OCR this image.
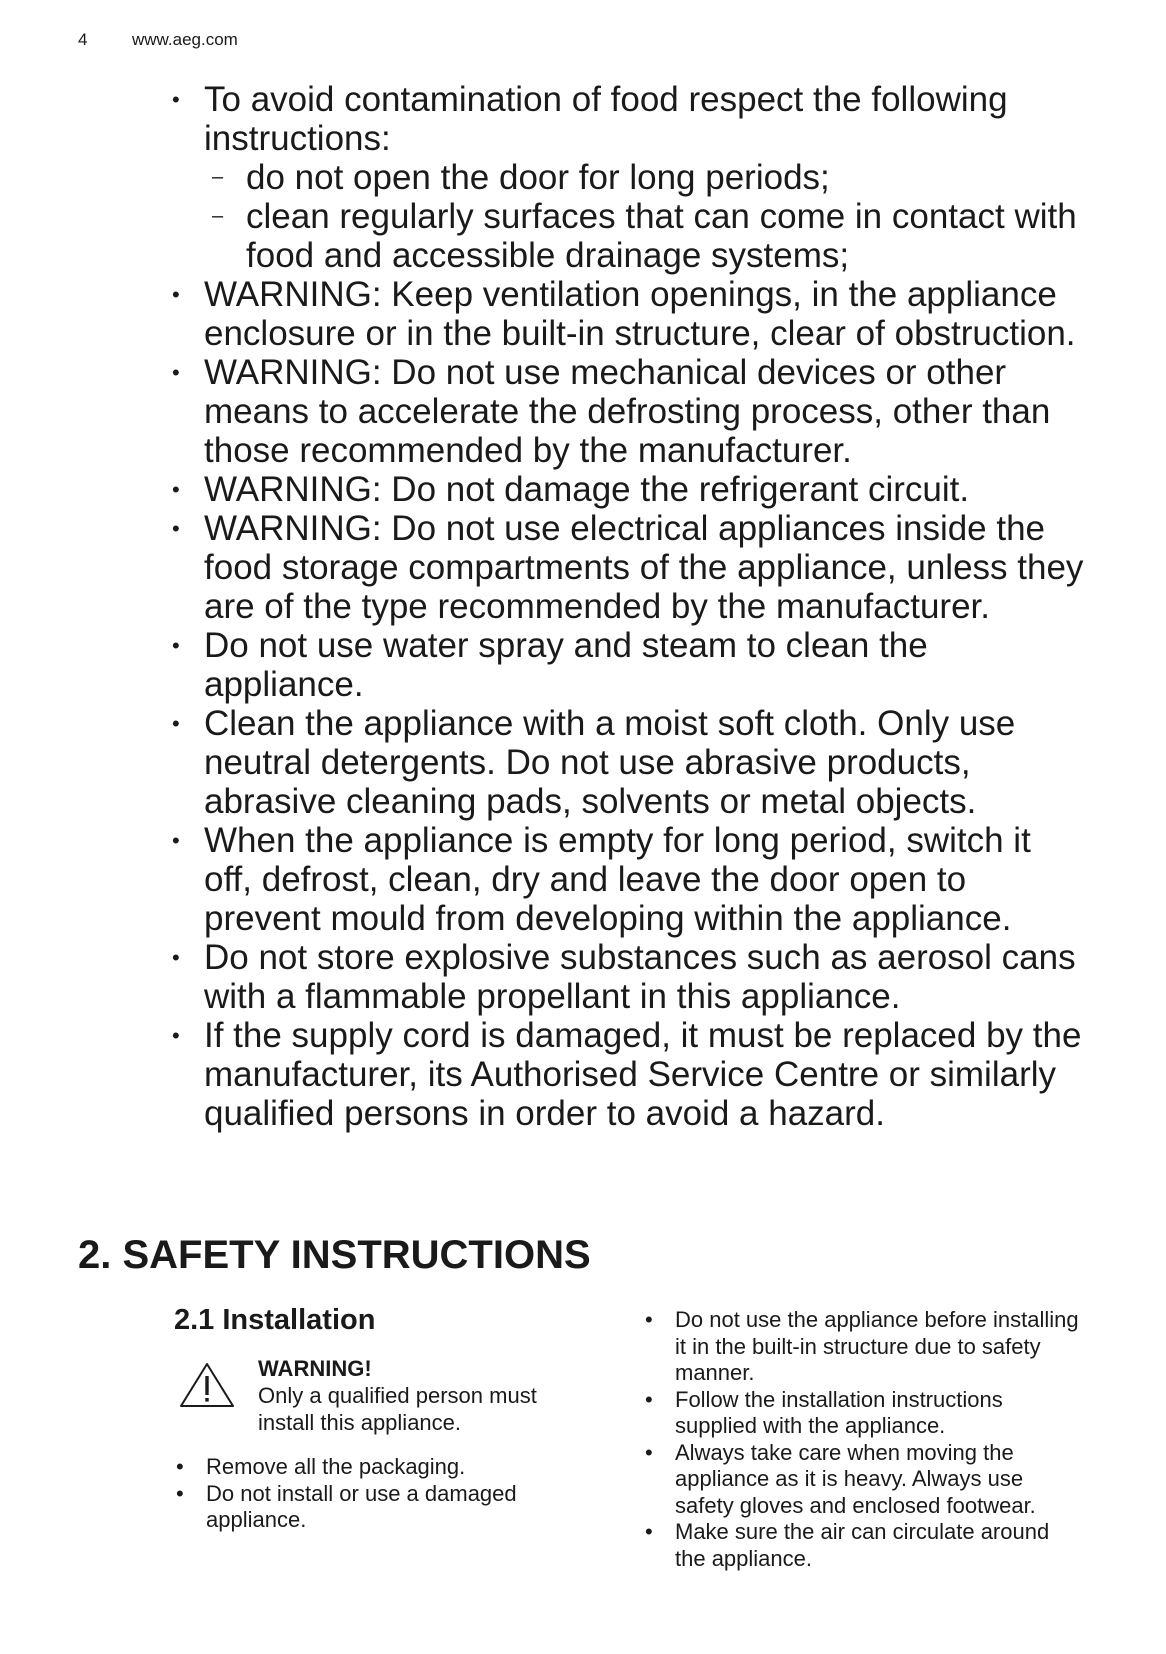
4	www.aeg.com
• To avoid contamination of food respect the following instructions:
– do not open the door for long periods;
– clean regularly surfaces that can come in contact with food and accessible drainage systems;
• WARNING: Keep ventilation openings, in the appliance enclosure or in the built-in structure, clear of obstruction.
• WARNING: Do not use mechanical devices or other means to accelerate the defrosting process, other than those recommended by the manufacturer.
• WARNING: Do not damage the refrigerant circuit.
• WARNING: Do not use electrical appliances inside the food storage compartments of the appliance, unless they are of the type recommended by the manufacturer.
• Do not use water spray and steam to clean the appliance.
• Clean the appliance with a moist soft cloth. Only use neutral detergents. Do not use abrasive products, abrasive cleaning pads, solvents or metal objects.
• When the appliance is empty for long period, switch it off, defrost, clean, dry and leave the door open to prevent mould from developing within the appliance.
• Do not store explosive substances such as aerosol cans with a flammable propellant in this appliance.
• If the supply cord is damaged, it must be replaced by the manufacturer, its Authorised Service Centre or similarly qualified persons in order to avoid a hazard.
2. SAFETY INSTRUCTIONS
2.1 Installation
WARNING!
Only a qualified person must install this appliance.
• Remove all the packaging.
• Do not install or use a damaged appliance.
• Do not use the appliance before installing it in the built-in structure due to safety manner.
• Follow the installation instructions supplied with the appliance.
• Always take care when moving the appliance as it is heavy. Always use safety gloves and enclosed footwear.
• Make sure the air can circulate around the appliance.
